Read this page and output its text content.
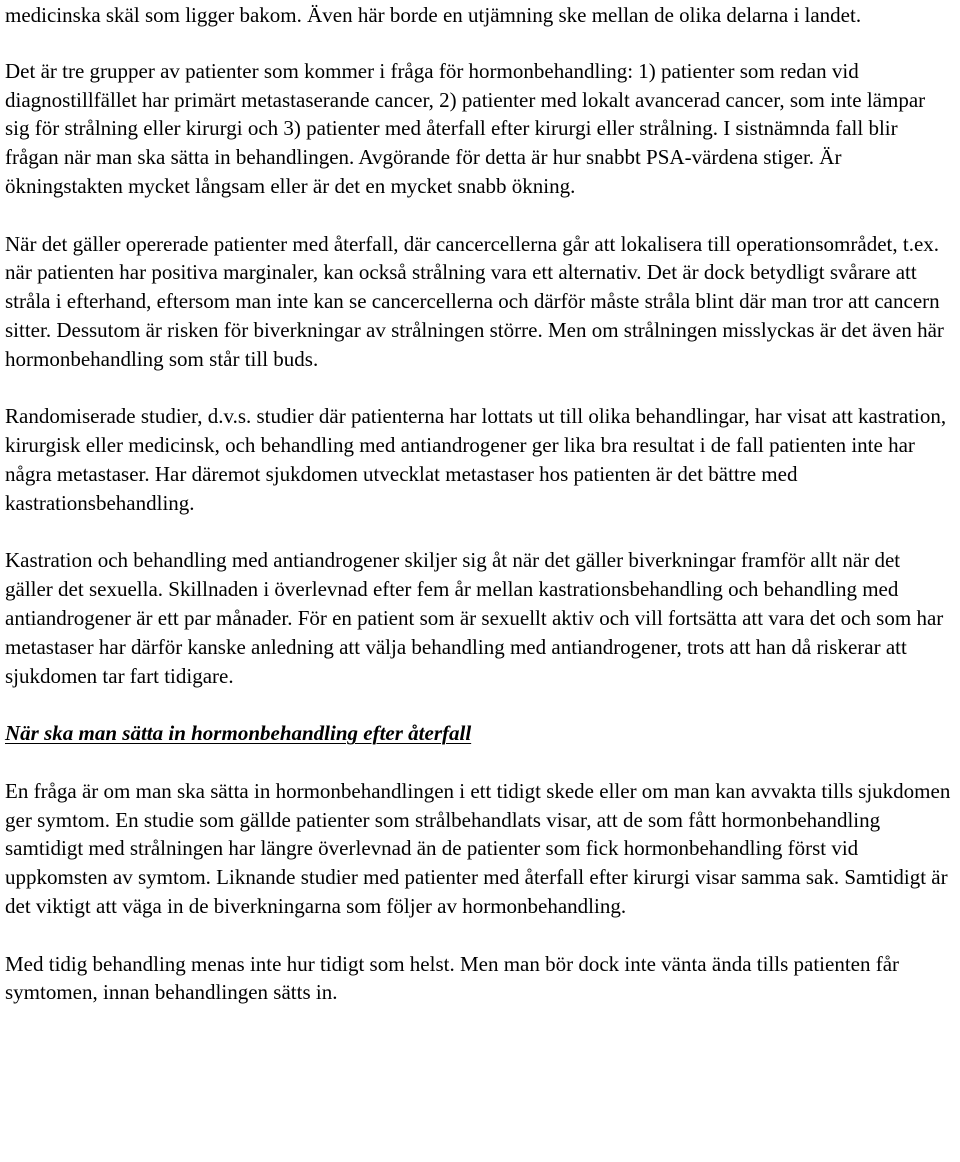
medicinska skäl som ligger bakom. Även här borde en utjämning ske mellan de olika delarna i landet.

Det är tre grupper av patienter som kommer i fråga för hormonbehandling: 1) patienter som redan vid diagnostillfället har primärt metastaserande cancer, 2) patienter med lokalt avancerad cancer, som inte lämpar sig för strålning eller kirurgi och 3) patienter med återfall efter kirurgi eller strålning. I sistnämnda fall blir frågan när man ska sätta in behandlingen. Avgörande för detta är hur snabbt PSA-värdena stiger. Är ökningstakten mycket långsam eller är det en mycket snabb ökning.

När det gäller opererade patienter med återfall, där cancercellerna går att lokalisera till operationsområdet, t.ex. när patienten har positiva marginaler, kan också strålning vara ett alternativ. Det är dock betydligt svårare att stråla i efterhand, eftersom man inte kan se cancercellerna och därför måste stråla blint där man tror att cancern sitter. Dessutom är risken för biverkningar av strålningen större. Men om strålningen misslyckas är det även här hormonbehandling som står till buds.

Randomiserade studier, d.v.s. studier där patienterna har lottats ut till olika behandlingar, har visat att kastration, kirurgisk eller medicinsk, och behandling med antiandrogener ger lika bra resultat i de fall patienten inte har några metastaser. Har däremot sjukdomen utvecklat metastaser hos patienten är det bättre med kastrationsbehandling.

Kastration och behandling med antiandrogener skiljer sig åt när det gäller biverkningar framför allt när det gäller det sexuella. Skillnaden i överlevnad efter fem år mellan kastrationsbehandling och behandling med antiandrogener är ett par månader. För en patient som är sexuellt aktiv och vill fortsätta att vara det och som har metastaser har därför kanske anledning att välja behandling med antiandrogener, trots att han då riskerar att sjukdomen tar fart tidigare.

När ska man sätta in hormonbehandling efter återfall

En fråga är om man ska sätta in hormonbehandlingen i ett tidigt skede eller om man kan avvakta tills sjukdomen ger symtom. En studie som gällde patienter som strålbehandlats visar, att de som fått hormonbehandling samtidigt med strålningen har längre överlevnad än de patienter som fick hormonbehandling först vid uppkomsten av symtom. Liknande studier med patienter med återfall efter kirurgi visar samma sak. Samtidigt är det viktigt att väga in de biverkningarna som följer av hormonbehandling.

Med tidig behandling menas inte hur tidigt som helst. Men man bör dock inte vänta ända tills patienten får symtomen, innan behandlingen sätts in.
